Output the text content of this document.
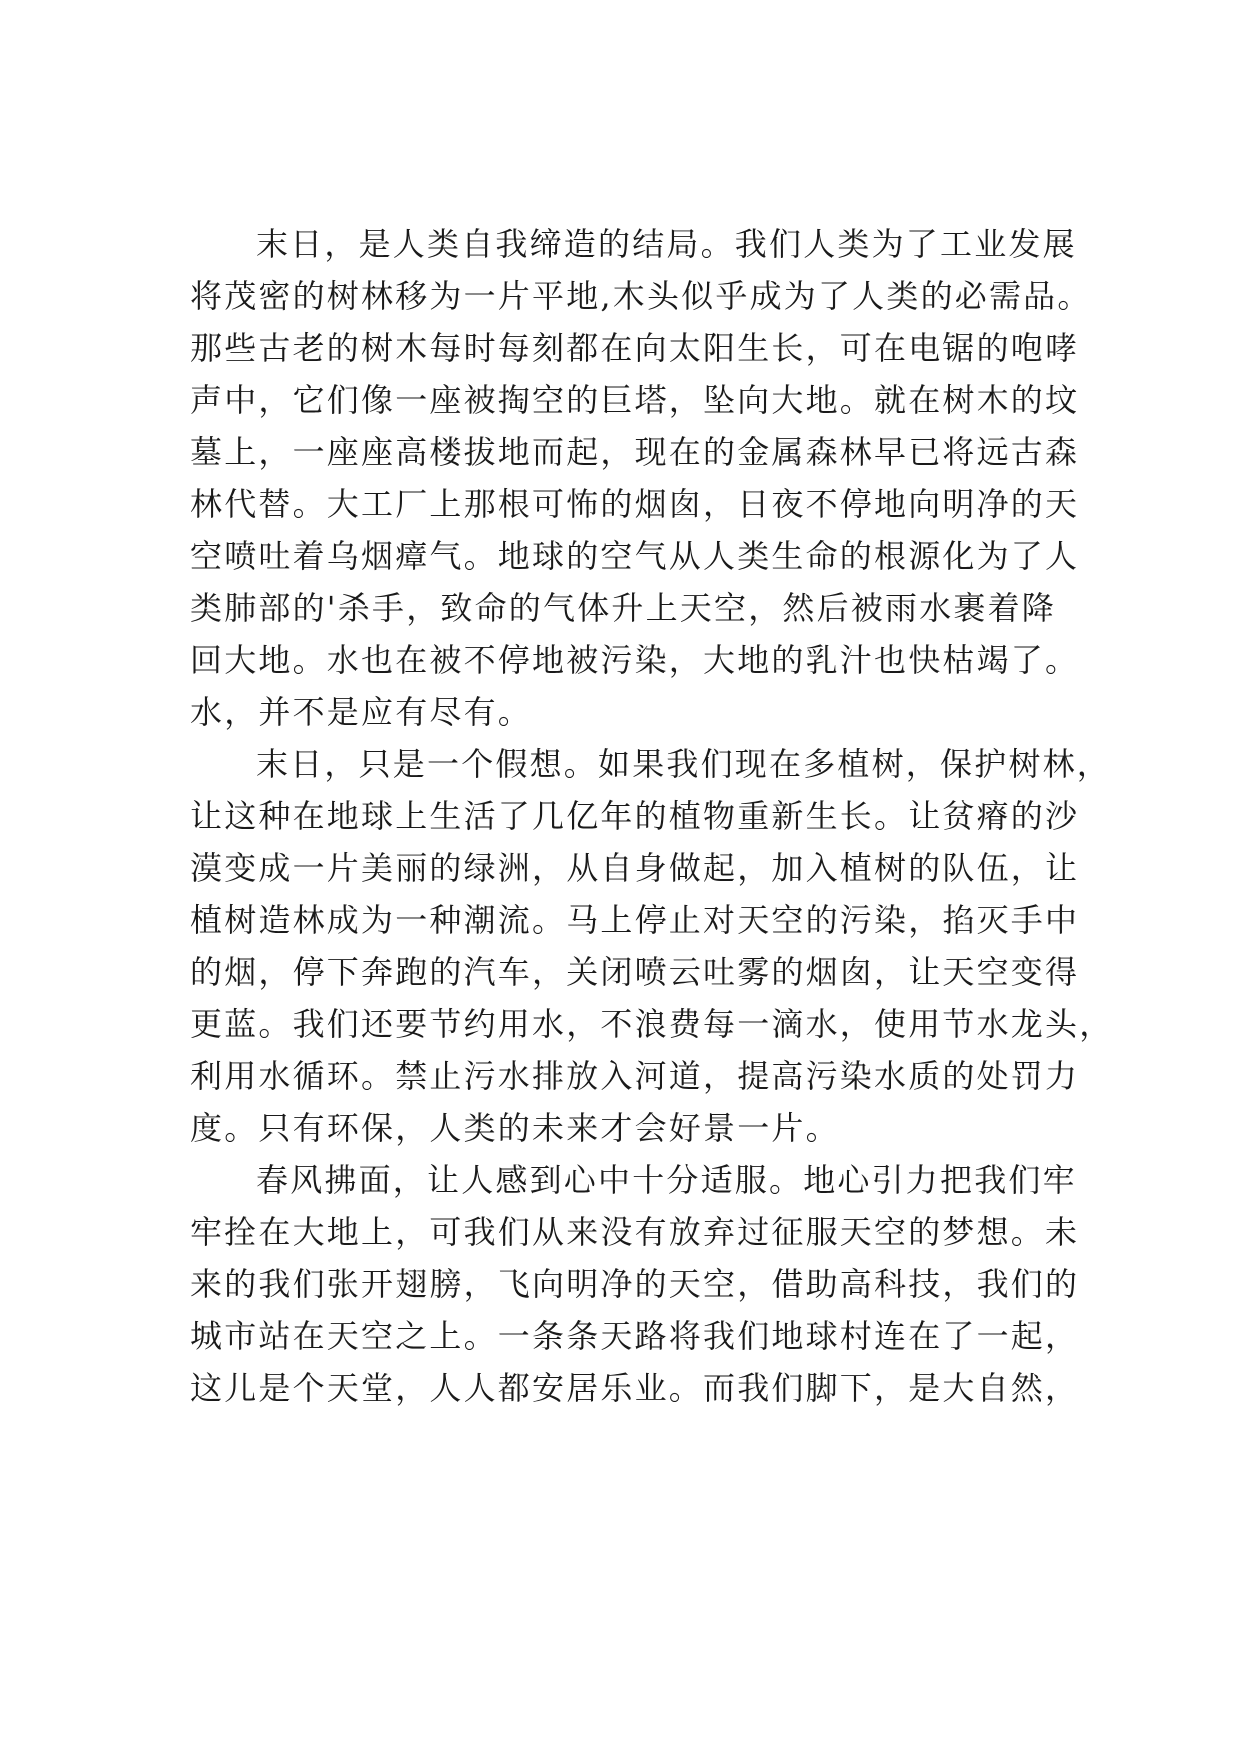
末日，是人类自我缔造的结局。我们人类为了工业发展
将茂密的树林移为一片平地,木头似乎成为了人类的必需品。
那些古老的树木每时每刻都在向太阳生长，可在电锯的咆哮
声中，它们像一座被掏空的巨塔，坠向大地。就在树木的坟
墓上，一座座高楼拔地而起，现在的金属森林早已将远古森
林代替。大工厂上那根可怖的烟囱，日夜不停地向明净的天
空喷吐着乌烟瘴气。地球的空气从人类生命的根源化为了人
类肺部的'杀手，致命的气体升上天空，然后被雨水裹着降
回大地。水也在被不停地被污染，大地的乳汁也快枯竭了。
水，并不是应有尽有。
末日，只是一个假想。如果我们现在多植树，保护树林，
让这种在地球上生活了几亿年的植物重新生长。让贫瘠的沙
漠变成一片美丽的绿洲，从自身做起，加入植树的队伍，让
植树造林成为一种潮流。马上停止对天空的污染，掐灭手中
的烟，停下奔跑的汽车，关闭喷云吐雾的烟囱，让天空变得
更蓝。我们还要节约用水，不浪费每一滴水，使用节水龙头，
利用水循环。禁止污水排放入河道，提高污染水质的处罚力
度。只有环保，人类的未来才会好景一片。
春风拂面，让人感到心中十分适服。地心引力把我们牢
牢拴在大地上，可我们从来没有放弃过征服天空的梦想。未
来的我们张开翅膀，飞向明净的天空，借助高科技，我们的
城市站在天空之上。一条条天路将我们地球村连在了一起，
这儿是个天堂，人人都安居乐业。而我们脚下，是大自然，
